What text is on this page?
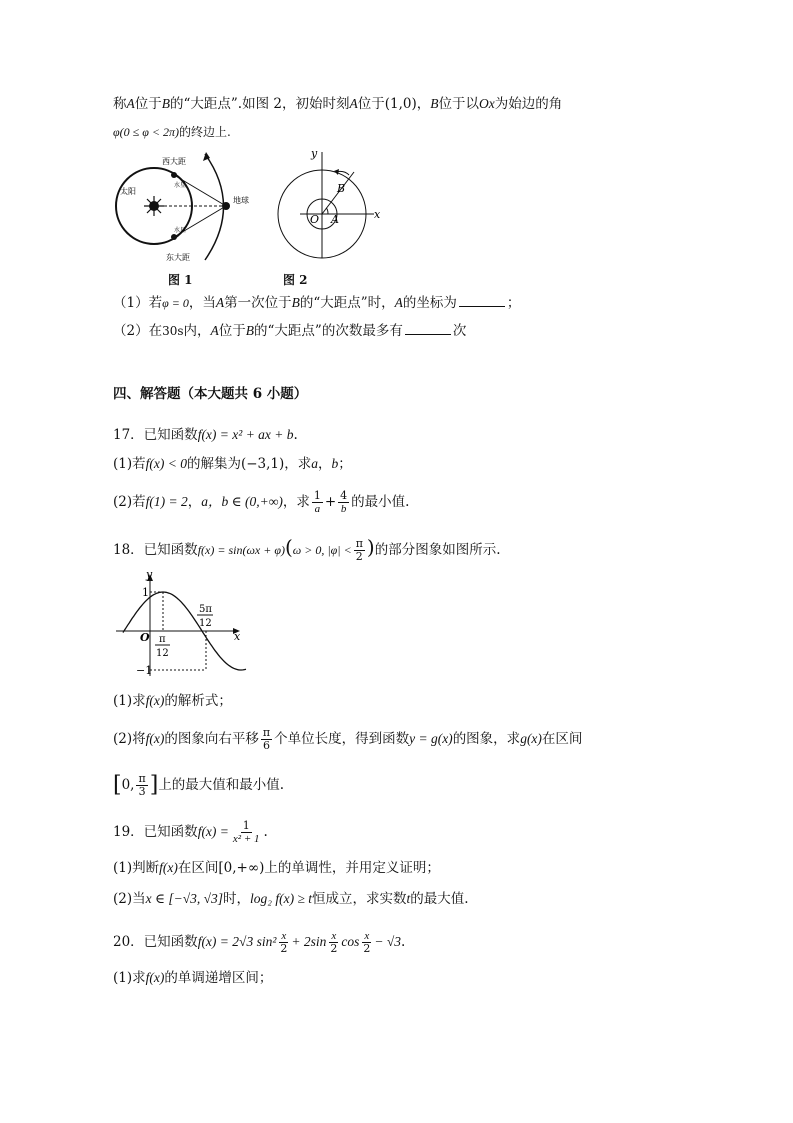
称A位于B的“大距点”.如图 2，初始时刻A位于(1,0)，B位于以Ox为始边的角
φ(0 ≤ φ < 2π)的终边上.
西大距
东大距
太阳
地球
水星
水星
图 1
y
x
O A
B
图 2
（1）若φ = 0，当A第一次位于B的“大距点”时，A的坐标为	；
（2）在30s内，A位于B的“大距点”的次数最多有	次
四、解答题（本大题共 6 小题）
17．已知函数f(x) = x² + ax + b.
(1)若f(x) < 0的解集为(−3,1)，求a，b；
(2)若f(1) = 2，a，b ∈ (0,+∞)，求 $\frac{1}{a} + \frac{4}{b}$ 的最小值.
18．已知函数f(x) = sin(ωx + φ)(ω > 0, $|\varphi| < \frac{\pi}{2}$ )的部分图象如图所示.
y
x
O
1
−1
π
12
5π
12
(1)求f(x)的解析式；
(2)将f(x)的图象向右平移 $\frac{\pi}{6}$ 个单位长度，得到函数y = g(x)的图象，求g(x)在区间
[0, $\frac{\pi}{3}$ ]上的最大值和最小值.
19．已知函数$f(x) = \frac{1}{\text{x² + 1}}$ .
(1)判断f(x)在区间[0,+∞)上的单调性，并用定义证明；
(2)当x ∈ [−√3, √3]时，log₂ f(x) ≥ t恒成立，求实数t的最大值.
20．已知函数f(x) = 2√3 $\sin^2 \frac{x}{2} + 2\sin \frac{x}{2}$ $\cos \frac{x}{2} - √3$.
(1)求f(x)的单调递增区间；
